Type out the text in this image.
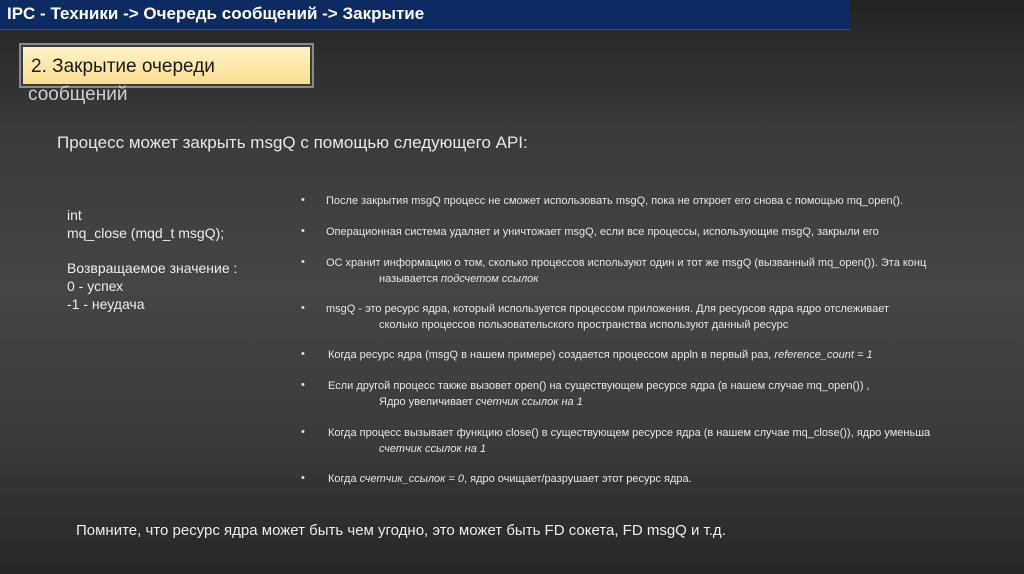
IPC - Техники -> Очередь сообщений -> Закрытие
2. Закрытие очереди
сообщений
Процесс может закрыть msgQ с помощью следующего API:
int
mq_close (mqd_t msgQ);
Возвращаемое значение :
0 - успех
-1 - неудача
• После закрытия msgQ процесс не сможет использовать msgQ, пока не откроет его снова с помощью mq_open().
• Операционная система удаляет и уничтожает msgQ, если все процессы, использующие msgQ, закрыли его
• ОС хранит информацию о том, сколько процессов используют один и тот же msgQ (вызванный mq_open()). Эта конц
называется подсчетом ссылок
• msgQ - это ресурс ядра, который используется процессом приложения. Для ресурсов ядра ядро отслеживает
сколько процессов пользовательского пространства используют данный ресурс
• Когда ресурс ядра (msgQ в нашем примере) создается процессом appln в первый раз, reference_count = 1
• Если другой процесс также вызовет open() на существующем ресурсе ядра (в нашем случае mq_open()) ,
Ядро увеличивает счетчик ссылок на 1
• Когда процесс вызывает функцию close() в существующем ресурсе ядра (в нашем случае mq_close()), ядро уменьша
счетчик ссылок на 1
• Когда счетчик_ссылок = 0, ядро очищает/разрушает этот ресурс ядра.
Помните, что ресурс ядра может быть чем угодно, это может быть FD сокета, FD msgQ и т.д.
